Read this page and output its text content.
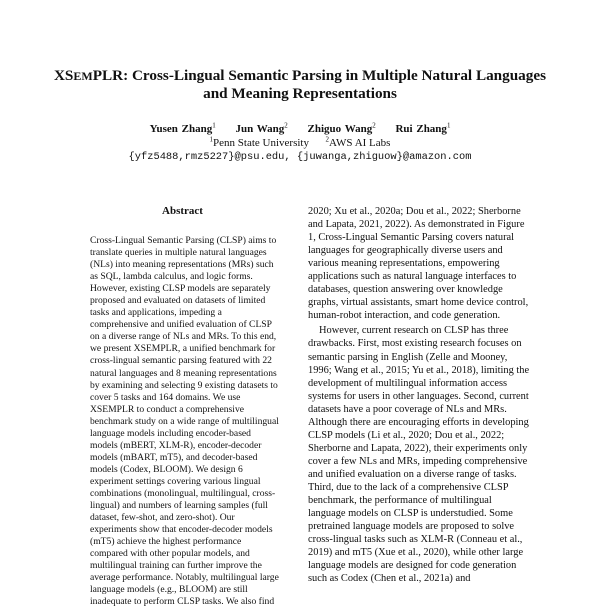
XSEMPLR: Cross-Lingual Semantic Parsing in Multiple Natural Languages and Meaning Representations
Yusen Zhang$^1$ Jun Wang$^2$ Zhiguo Wang$^2$ Rui Zhang$^1$
$^1$Penn State University $^2$AWS AI Labs
{yfz5488,rmz5227}@psu.edu, {juwanga,zhiguow}@amazon.com
Abstract

Cross-Lingual Semantic Parsing (CLSP) aims to translate queries in multiple natural languages (NLs) into meaning representations (MRs) such as SQL, lambda calculus, and logic forms. However, existing CLSP models are separately proposed and evaluated on datasets of limited tasks and applications, impeding a comprehensive and unified evaluation of CLSP on a diverse range of NLs and MRs. To this end, we present XSEMPLR, a unified benchmark for cross-lingual semantic parsing featured with 22 natural languages and 8 meaning representations by examining and selecting 9 existing datasets to cover 5 tasks and 164 domains. We use XSEMPLR to conduct a comprehensive benchmark study on a wide range of multilingual language models including encoder-based models (mBERT, XLM-R), encoder-decoder models (mBART, mT5), and decoder-based models (Codex, BLOOM). We design 6 experiment settings covering various lingual combinations (monolingual, multilingual, cross-lingual) and numbers of learning samples (full dataset, few-shot, and zero-shot). Our experiments show that encoder-decoder models (mT5) achieve the highest performance compared with other popular models, and multilingual training can further improve the average performance. Notably, multilingual large language models (e.g., BLOOM) are still inadequate to perform CLSP tasks. We also find

2020; Xu et al., 2020a; Dou et al., 2022; Sherborne and Lapata, 2021, 2022). As demonstrated in Figure 1, Cross-Lingual Semantic Parsing covers natural languages for geographically diverse users and various meaning representations, empowering applications such as natural language interfaces to databases, question answering over knowledge graphs, virtual assistants, smart home device control, human-robot interaction, and code generation.

However, current research on CLSP has three drawbacks. First, most existing research focuses on semantic parsing in English (Zelle and Mooney, 1996; Wang et al., 2015; Yu et al., 2018), limiting the development of multilingual information access systems for users in other languages. Second, current datasets have a poor coverage of NLs and MRs. Although there are encouraging efforts in developing CLSP models (Li et al., 2020; Dou et al., 2022; Sherborne and Lapata, 2022), their experiments only cover a few NLs and MRs, impeding comprehensive and unified evaluation on a diverse range of tasks. Third, due to the lack of a comprehensive CLSP benchmark, the performance of multilingual language models on CLSP is understudied. Some pretrained language models are proposed to solve cross-lingual tasks such as XLM-R (Conneau et al., 2019) and mT5 (Xue et al., 2020), while other large language models are designed for code generation such as Codex (Chen et al., 2021a) and
